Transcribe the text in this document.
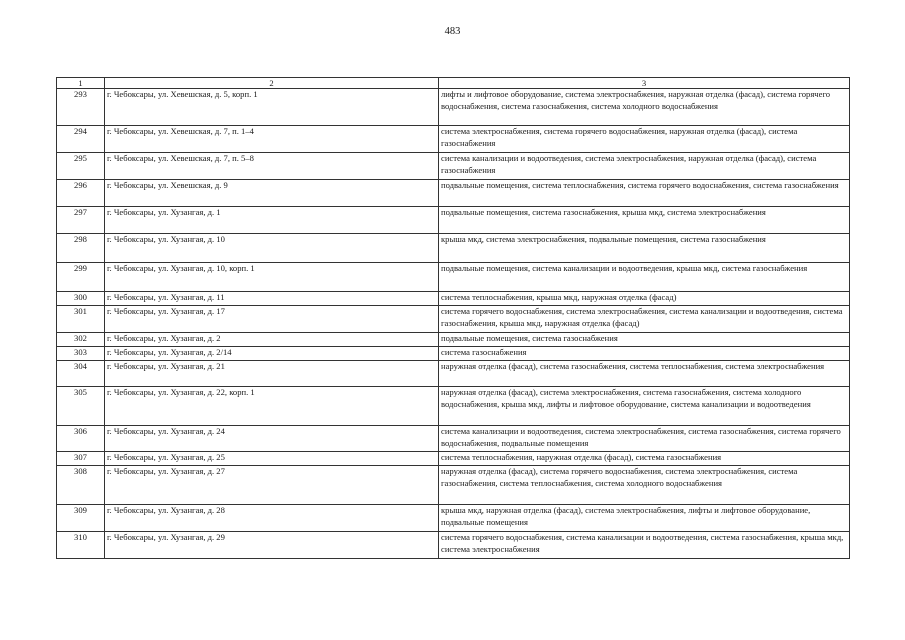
483
1	2	3
293	г. Чебоксары, ул. Хевешская, д. 5, корп. 1	лифты и лифтовое оборудование, система электроснабжения, наружная отделка (фасад), система горячего водоснабжения, система газоснабжения, система холодного водоснабжения
294	г. Чебоксары, ул. Хевешская, д. 7, п. 1–4	система электроснабжения, система горячего водоснабжения, наружная отделка (фасад), система газоснабжения
295	г. Чебоксары, ул. Хевешская, д. 7, п. 5–8	система канализации и водоотведения, система электроснабжения, наружная отделка (фасад), система газоснабжения
296	г. Чебоксары, ул. Хевешская, д. 9	подвальные помещения, система теплоснабжения, система горячего водоснабжения, система газоснабжения
297	г. Чебоксары, ул. Хузангая, д. 1	подвальные помещения, система газоснабжения, крыша мкд, система электроснабжения
298	г. Чебоксары, ул. Хузангая, д. 10	крыша мкд, система электроснабжения, подвальные помещения, система газоснабжения
299	г. Чебоксары, ул. Хузангая, д. 10, корп. 1	подвальные помещения, система канализации и водоотведения, крыша мкд, система газоснабжения
300	г. Чебоксары, ул. Хузангая, д. 11	система теплоснабжения, крыша мкд, наружная отделка (фасад)
301	г. Чебоксары, ул. Хузангая, д. 17	система горячего водоснабжения, система электроснабжения, система канализации и водоотведения, система газоснабжения, крыша мкд, наружная отделка (фасад)
302	г. Чебоксары, ул. Хузангая, д. 2	подвальные помещения, система газоснабжения
303	г. Чебоксары, ул. Хузангая, д. 2/14	система газоснабжения
304	г. Чебоксары, ул. Хузангая, д. 21	наружная отделка (фасад), система газоснабжения, система теплоснабжения, система электроснабжения
305	г. Чебоксары, ул. Хузангая, д. 22, корп. 1	наружная отделка (фасад), система электроснабжения, система газоснабжения, система холодного водоснабжения, крыша мкд, лифты и лифтовое оборудование, система канализации и водоотведения
306	г. Чебоксары, ул. Хузангая, д. 24	система канализации и водоотведения, система электроснабжения, система газоснабжения, система горячего водоснабжения, подвальные помещения
307	г. Чебоксары, ул. Хузангая, д. 25	система теплоснабжения, наружная отделка (фасад), система газоснабжения
308	г. Чебоксары, ул. Хузангая, д. 27	наружная отделка (фасад), система горячего водоснабжения, система электроснабжения, система газоснабжения, система теплоснабжения, система холодного водоснабжения
309	г. Чебоксары, ул. Хузангая, д. 28	крыша мкд, наружная отделка (фасад), система электроснабжения, лифты и лифтовое оборудование, подвальные помещения
310	г. Чебоксары, ул. Хузангая, д. 29	система горячего водоснабжения, система канализации и водоотведения, система газоснабжения, крыша мкд, система электроснабжения
